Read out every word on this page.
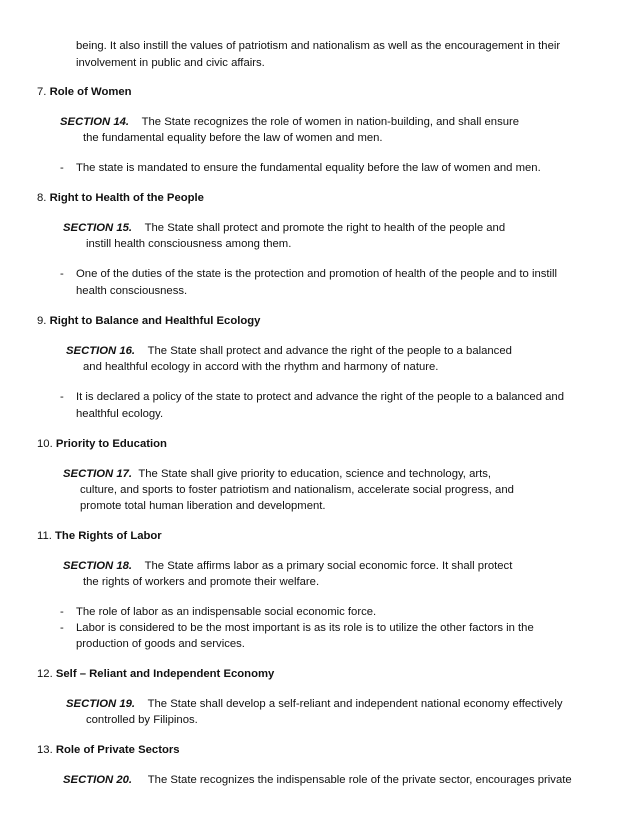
being. It also instill the values of patriotism and nationalism as well as the encouragement in their
involvement in public and civic affairs.
7. Role of Women
SECTION 14. The State recognizes the role of women in nation-building, and shall ensure
the fundamental equality before the law of women and men.
- The state is mandated to ensure the fundamental equality before the law of women and men.
8. Right to Health of the People
SECTION 15. The State shall protect and promote the right to health of the people and
instill health consciousness among them.
- One of the duties of the state is the protection and promotion of health of the people and to instill
health consciousness.
9. Right to Balance and Healthful Ecology
SECTION 16. The State shall protect and advance the right of the people to a balanced
and healthful ecology in accord with the rhythm and harmony of nature.
- It is declared a policy of the state to protect and advance the right of the people to a balanced and
healthful ecology.
10. Priority to Education
SECTION 17. The State shall give priority to education, science and technology, arts,
culture, and sports to foster patriotism and nationalism, accelerate social progress, and
promote total human liberation and development.
11. The Rights of Labor
SECTION 18. The State affirms labor as a primary social economic force. It shall protect
the rights of workers and promote their welfare.
- The role of labor as an indispensable social economic force.
- Labor is considered to be the most important is as its role is to utilize the other factors in the
production of goods and services.
12. Self – Reliant and Independent Economy
SECTION 19. The State shall develop a self-reliant and independent national economy effectively
controlled by Filipinos.
13. Role of Private Sectors
SECTION 20. The State recognizes the indispensable role of the private sector, encourages private
